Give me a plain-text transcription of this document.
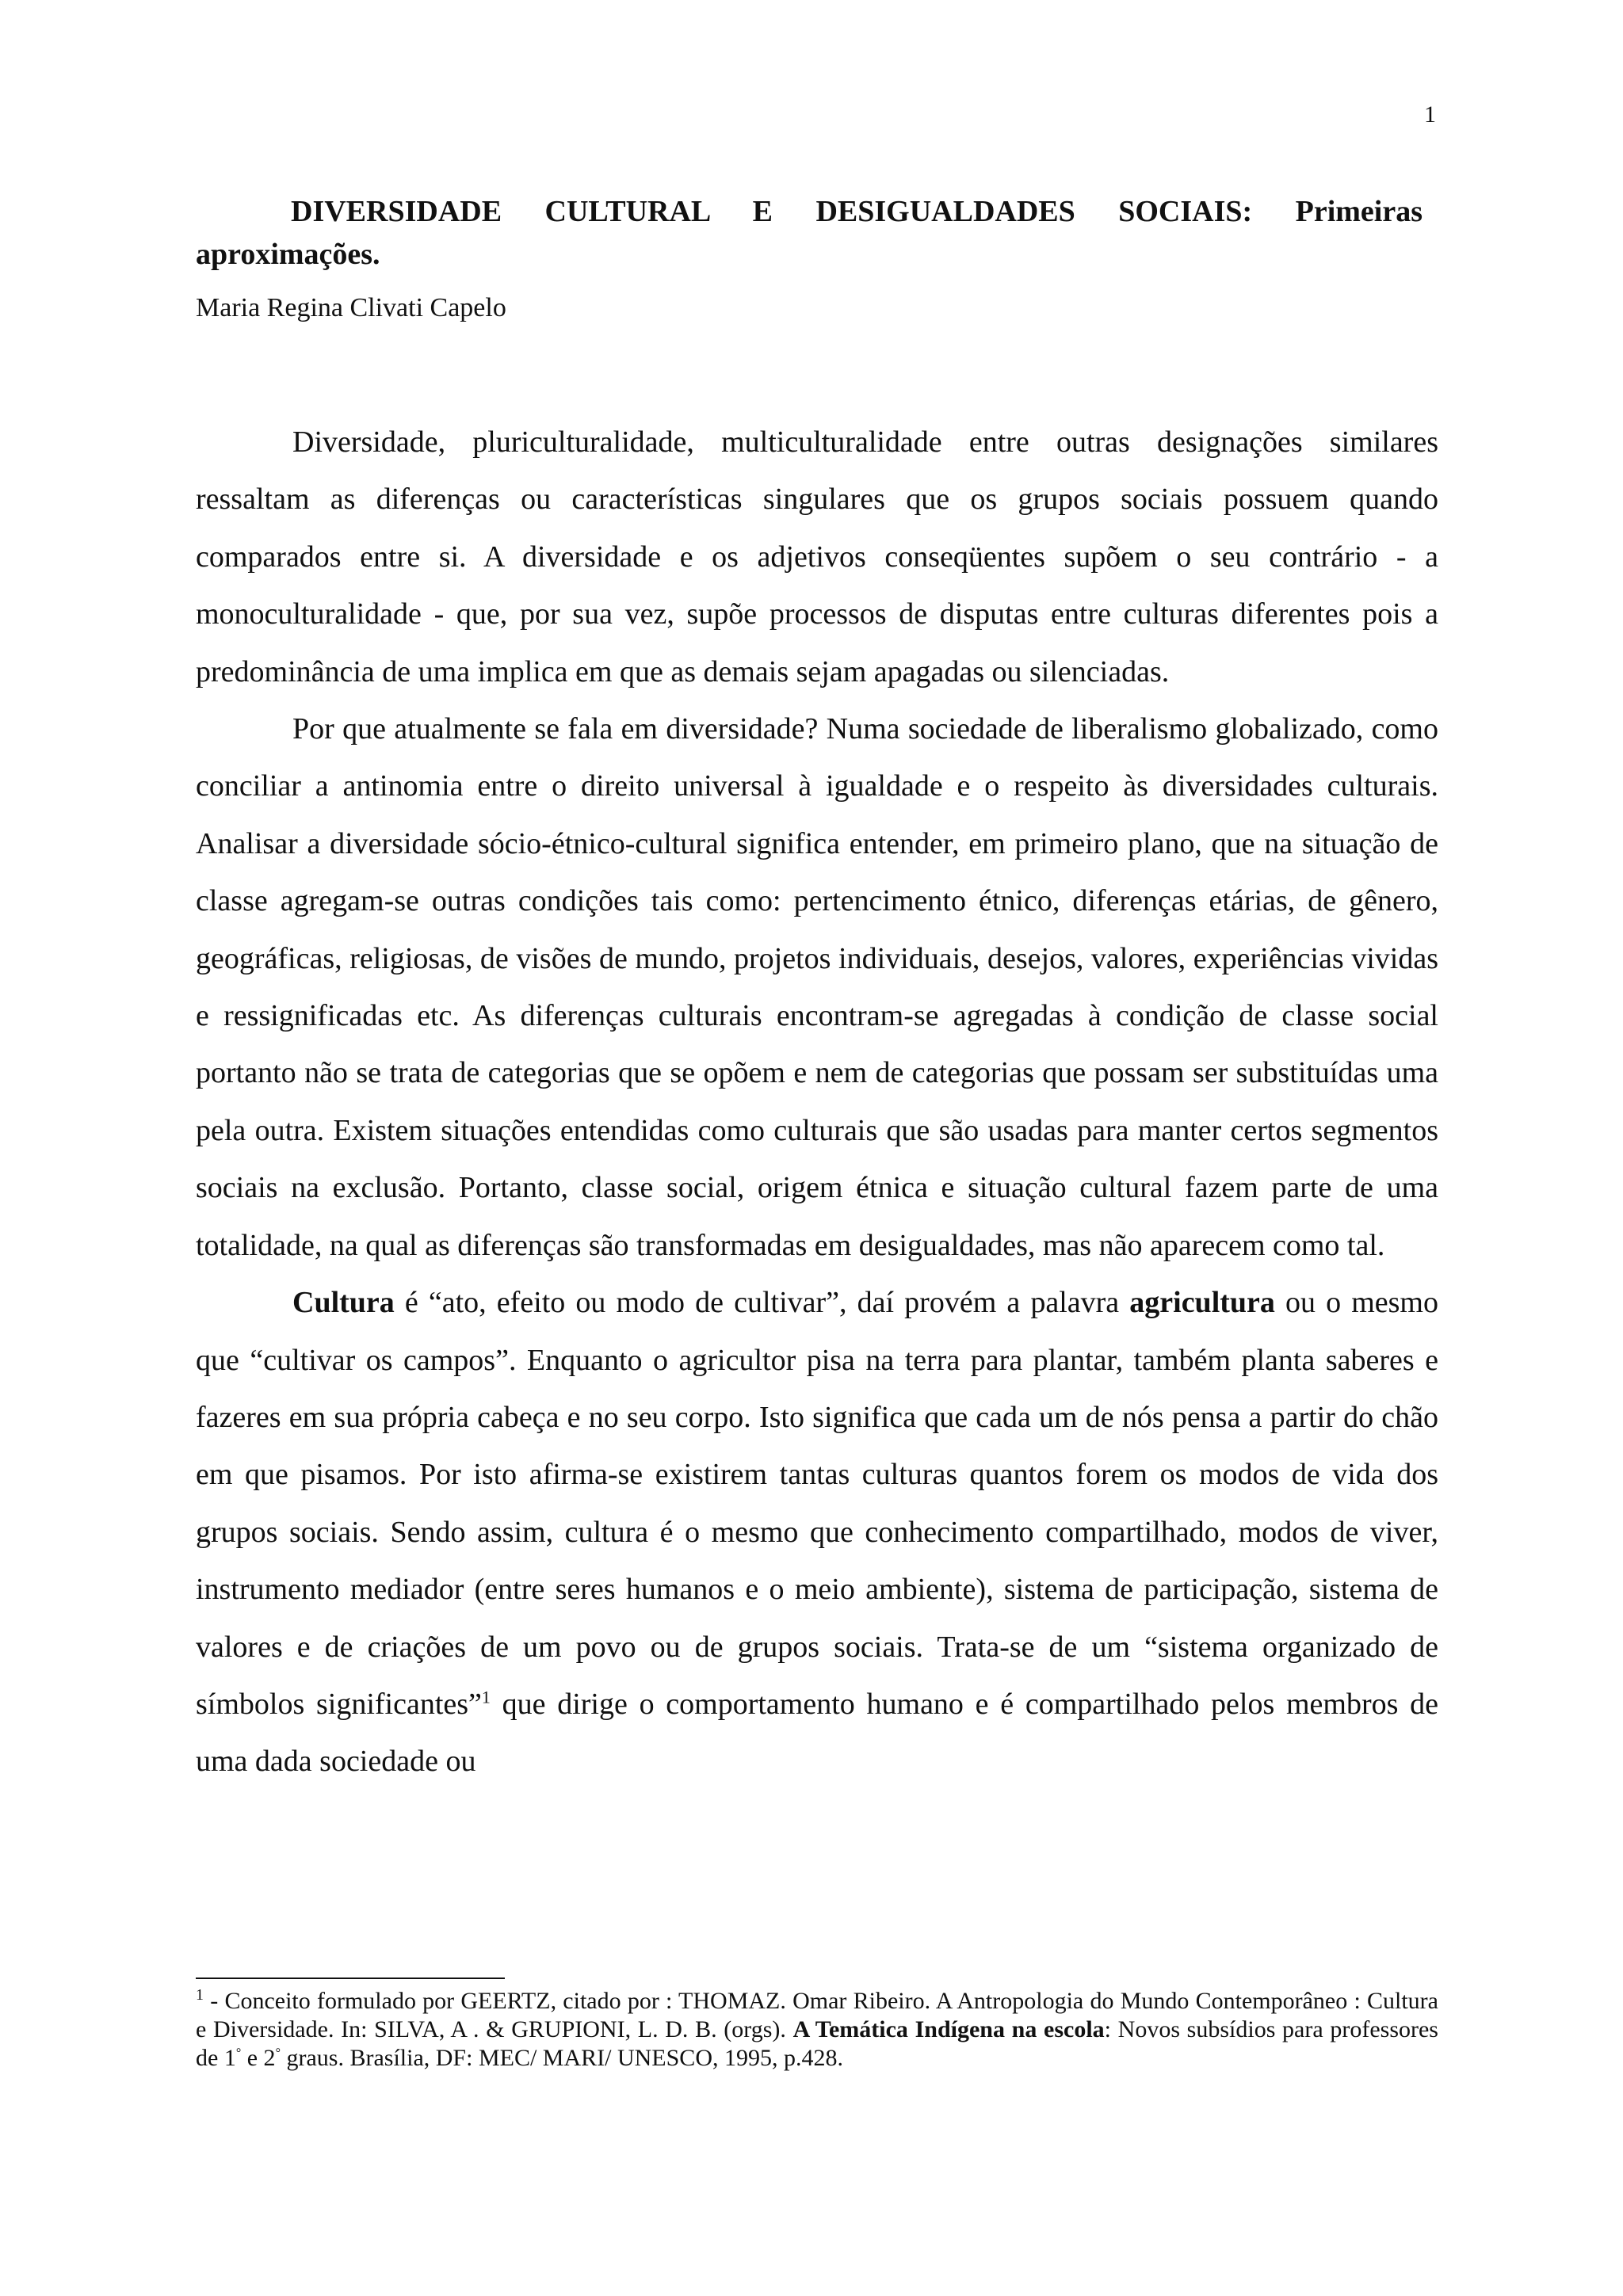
1
DIVERSIDADE CULTURAL E DESIGUALDADES SOCIAIS: Primeiras aproximações.

Maria Regina Clivati Capelo

Diversidade, pluriculturalidade, multiculturalidade entre outras designações similares ressaltam as diferenças ou características singulares que os grupos sociais possuem quando comparados entre si. A diversidade e os adjetivos conseqüentes supõem o seu contrário - a monoculturalidade - que, por sua vez, supõe processos de disputas entre culturas diferentes pois a predominância de uma implica em que as demais sejam apagadas ou silenciadas.

Por que atualmente se fala em diversidade? Numa sociedade de liberalismo globalizado, como conciliar a antinomia entre o direito universal à igualdade e o respeito às diversidades culturais. Analisar a diversidade sócio-étnico-cultural significa entender, em primeiro plano, que na situação de classe agregam-se outras condições tais como: pertencimento étnico, diferenças etárias, de gênero, geográficas, religiosas, de visões de mundo, projetos individuais, desejos, valores, experiências vividas e ressignificadas etc. As diferenças culturais encontram-se agregadas à condição de classe social portanto não se trata de categorias que se opõem e nem de categorias que possam ser substituídas uma pela outra. Existem situações entendidas como culturais que são usadas para manter certos segmentos sociais na exclusão. Portanto, classe social, origem étnica e situação cultural fazem parte de uma totalidade, na qual as diferenças são transformadas em desigualdades, mas não aparecem como tal.

Cultura é “ato, efeito ou modo de cultivar”, daí provém a palavra agricultura ou o mesmo que “cultivar os campos”. Enquanto o agricultor pisa na terra para plantar, também planta saberes e fazeres em sua própria cabeça e no seu corpo. Isto significa que cada um de nós pensa a partir do chão em que pisamos. Por isto afirma-se existirem tantas culturas quantos forem os modos de vida dos grupos sociais. Sendo assim, cultura é o mesmo que conhecimento compartilhado, modos de viver, instrumento mediador (entre seres humanos e o meio ambiente), sistema de participação, sistema de valores e de criações de um povo ou de grupos sociais. Trata-se de um “sistema organizado de símbolos significantes”$^1$ que dirige o comportamento humano e é compartilhado pelos membros de uma dada sociedade ou

$^1$ - Conceito formulado por GEERTZ, citado por : THOMAZ. Omar Ribeiro. A Antropologia do Mundo Contemporâneo : Cultura e Diversidade. In: SILVA, A . & GRUPIONI, L. D. B. (orgs). A Temática Indígena na escola: Novos subsídios para professores de 1° e 2° graus. Brasília, DF: MEC/ MARI/ UNESCO, 1995, p.428.
